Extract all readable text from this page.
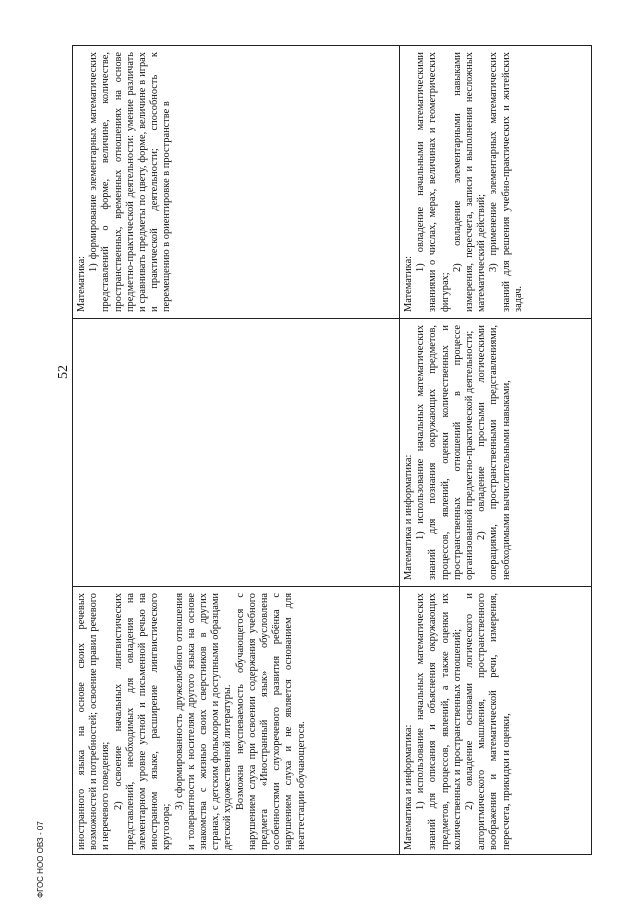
52
ФГОС НОО ОВЗ - 07

иностранного языка на основе своих речевых возможностей и потребностей; освоение правил речевого и неречевого поведения; 2) освоение начальных лингвистических представлений, необходимых для овладения на элементарном уровне устной и письменной речью на иностранном языке, расширение лингвистического кругозора;

3) сформированность дружелюбного отношения и толерантности к носителям другого языка на основе знакомства с жизнью своих сверстников в других странах, с детским фольклором и доступными образцами детской художественной литературы. Возможна неуспеваемость обучающегося с нарушением слуха при освоении содержания учебного предмета «Иностранный язык» обусловлена особенностями слухоречевого развития ребёнка с нарушением слуха и не является основанием для неаттестации обучающегося.	Математика и информатика: 1) использование начальных математических знаний для описания и объяснения окружающих предметов, процессов, явлений, а также оценки их количественных и пространственных отношений; 2) овладение основами логического и алгоритмического мышления, пространственного воображения и математической речи, измерения, пересчета, прикидки и оценки,

Математика и информатика: 1) использование начальных математических знаний для познания окружающих предметов, процессов, явлений, оценки количественных и пространственных отношений в процессе организованной предметно-практической деятельности; 2) овладение простыми логическими операциями, пространственными представлениями, необходимыми вычислительными навыками,

Математика:

1) формирование элементарных математических представлений о форме, величине, количестве, пространственных, временных отношениях на основе предметно-практической деятельности: умение различать и сравнивать предметы по цвету, форме, величине в играх и практической деятельности; способность к перемещению в ориентировке в пространстве в	Математика:

1) овладение начальными математическими знаниями о числах, мерах, величинах и геометрических фигурах;

2) овладение элементарными навыками измерения, пересчета, записи и выполнения несложных математический действий; 3) применение элементарных математических знаний для решения учебно-практических и житейских задач.
